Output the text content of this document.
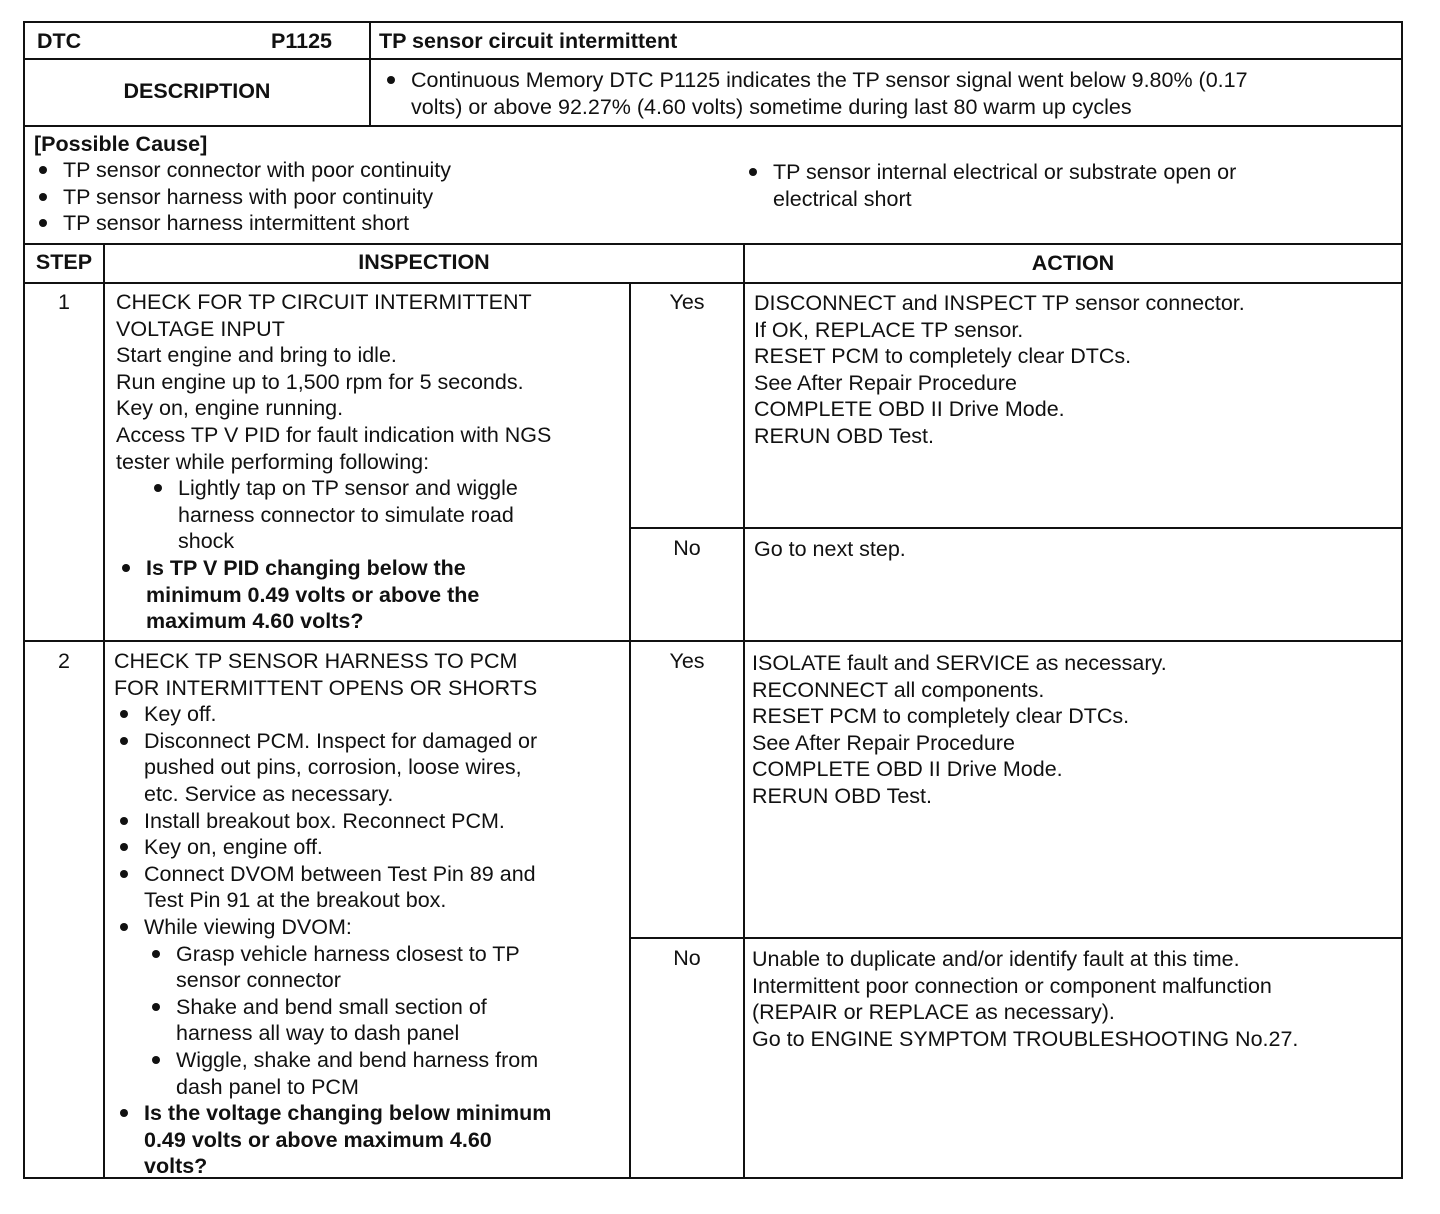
DTC	P1125 TP sensor circuit intermittent
DESCRIPTION	Continuous Memory DTC P1125 indicates the TP sensor signal went below 9.80% (0.17
volts) or above 92.27% (4.60 volts) sometime during last 80 warm up cycles
[Possible Cause]
TP sensor connector with poor continuity
TP sensor harness with poor continuity
TP sensor harness intermittent short
TP sensor internal electrical or substrate open or
electrical short
STEP	INSPECTION	ACTION
1	CHECK FOR TP CIRCUIT INTERMITTENT
VOLTAGE INPUT
Start engine and bring to idle.
Run engine up to 1,500 rpm for 5 seconds.
Key on, engine running.
Access TP V PID for fault indication with NGS
tester while performing following:
Lightly tap on TP sensor and wiggle
harness connector to simulate road
shock
Is TP V PID changing below the
minimum 0.49 volts or above the
maximum 4.60 volts?
Yes	DISCONNECT and INSPECT TP sensor connector.
If OK, REPLACE TP sensor.
RESET PCM to completely clear DTCs.
See After Repair Procedure
COMPLETE OBD II Drive Mode.
RERUN OBD Test.
No	Go to next step.
2	CHECK TP SENSOR HARNESS TO PCM
FOR INTERMITTENT OPENS OR SHORTS
Key off.
Disconnect PCM. Inspect for damaged or
pushed out pins, corrosion, loose wires,
etc. Service as necessary.
Install breakout box. Reconnect PCM.
Key on, engine off.
Connect DVOM between Test Pin 89 and
Test Pin 91 at the breakout box.
While viewing DVOM:
Grasp vehicle harness closest to TP
sensor connector
Shake and bend small section of
harness all way to dash panel
Wiggle, shake and bend harness from
dash panel to PCM
Is the voltage changing below minimum
0.49 volts or above maximum 4.60
volts?
Yes	ISOLATE fault and SERVICE as necessary.
RECONNECT all components.
RESET PCM to completely clear DTCs.
See After Repair Procedure
COMPLETE OBD II Drive Mode.
RERUN OBD Test.
No	Unable to duplicate and/or identify fault at this time.
Intermittent poor connection or component malfunction
(REPAIR or REPLACE as necessary).
Go to ENGINE SYMPTOM TROUBLESHOOTING No.27.
